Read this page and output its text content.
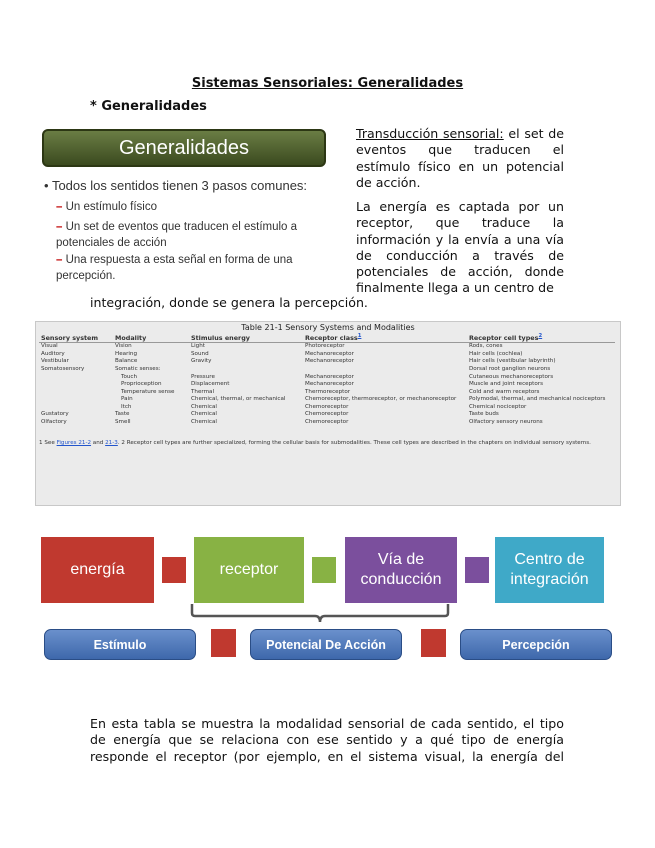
Sistemas Sensoriales: Generalidades
* Generalidades
Generalidades
• Todos los sentidos tienen 3 pasos comunes:
– Un estímulo físico
– Un set de eventos que traducen el estímulo a potenciales de acción
– Una respuesta a esta señal en forma de una percepción.
Transducción sensorial: el set de eventos que traducen el estímulo físico en un potencial de acción.
La energía es captada por un receptor, que traduce la información y la envía a una vía de conducción a través de potenciales de acción, donde finalmente llega a un centro de
integración, donde se genera la percepción.
Table 21-1 Sensory Systems and Modalities
Sensory system	Modality	Stimulus energy	Receptor class$^1$	Receptor cell types$^2$
Visual	Vision	Light	Photoreceptor	Rods, cones
Auditory	Hearing	Sound	Mechanoreceptor	Hair cells (cochlea)
Vestibular	Balance	Gravity	Mechanoreceptor	Hair cells (vestibular labyrinth)
Somatosensory	Somatic senses:			Dorsal root ganglion neurons
	Touch	Pressure	Mechanoreceptor	Cutaneous mechanoreceptors
	Proprioception	Displacement	Mechanoreceptor	Muscle and joint receptors
	Temperature sense	Thermal	Thermoreceptor	Cold and warm receptors
	Pain	Chemical, thermal, or mechanical	Chemoreceptor, thermoreceptor, or mechanoreceptor	Polymodal, thermal, and mechanical nociceptors
	Itch	Chemical	Chemoreceptor	Chemical nociceptor
Gustatory	Taste	Chemical	Chemoreceptor	Taste buds
Olfactory	Smell	Chemical	Chemoreceptor	Olfactory sensory neurons
1 See Figures 21-2 and 21-3. 2 Receptor cell types are further specialized, forming the cellular basis for submodalities. These cell types are described in the chapters on individual sensory systems.
energía	receptor
Vía de conducción
Centro de integración
Estímulo	Potencial De Acción	Percepción
En esta tabla se muestra la modalidad sensorial de cada sentido, el tipo
de energía que se relaciona con ese sentido y a qué tipo de energía
responde el receptor (por ejemplo, en el sistema visual, la energía del
